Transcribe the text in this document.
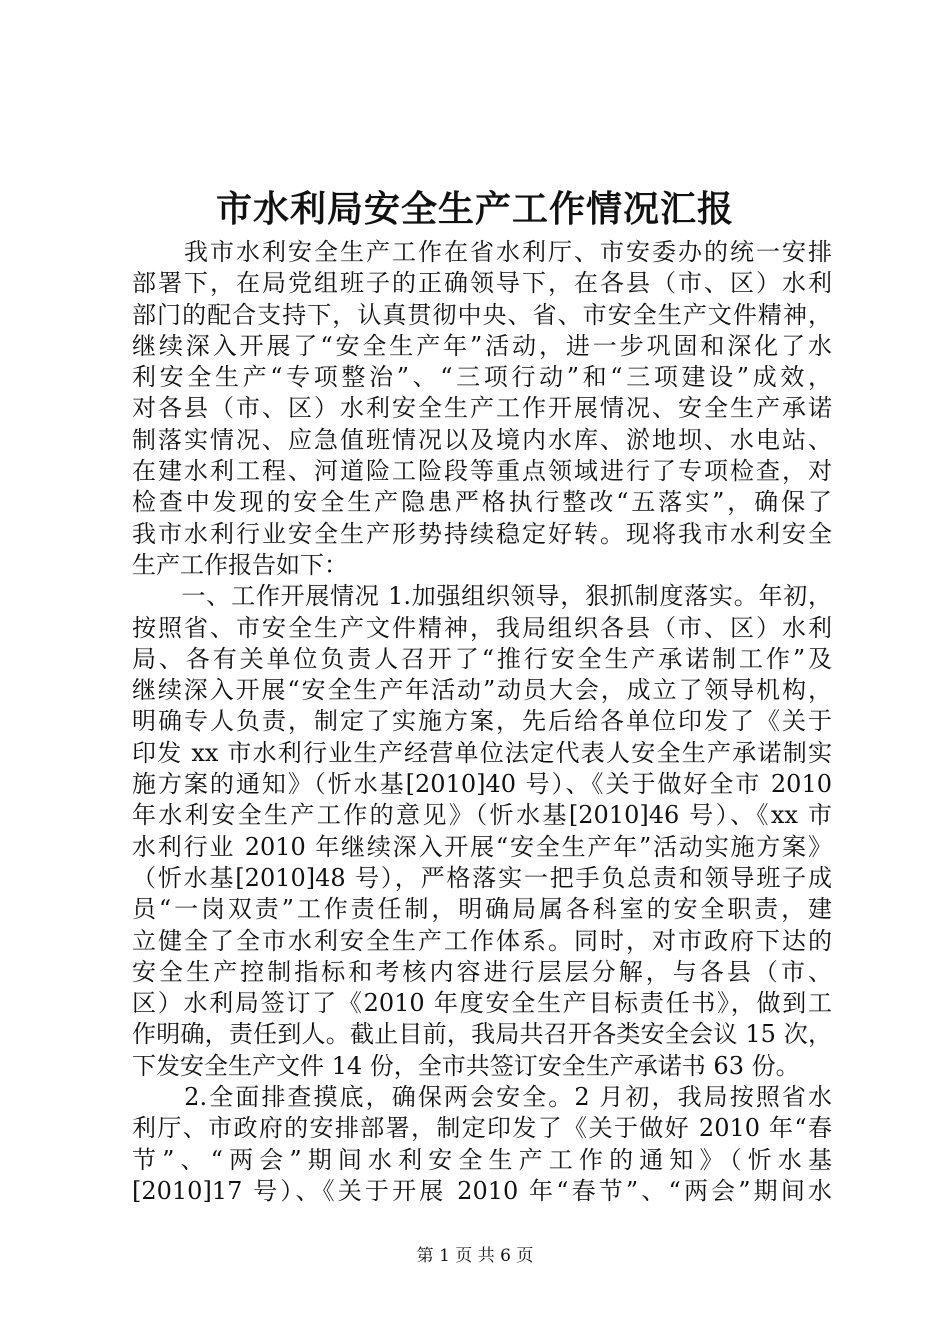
市水利局安全生产工作情况汇报
　　我市水利安全生产工作在省水利厅、市安委办的统一安排
部署下，在局党组班子的正确领导下，在各县（市、区）水利
部门的配合支持下，认真贯彻中央、省、市安全生产文件精神，
继续深入开展了“安全生产年”活动，进一步巩固和深化了水
利安全生产“专项整治”、“三项行动”和“三项建设”成效，
对各县（市、区）水利安全生产工作开展情况、安全生产承诺
制落实情况、应急值班情况以及境内水库、淤地坝、水电站、
在建水利工程、河道险工险段等重点领域进行了专项检查，对
检查中发现的安全生产隐患严格执行整改“五落实”，确保了
我市水利行业安全生产形势持续稳定好转。现将我市水利安全
生产工作报告如下：
　　一、工作开展情况 1.加强组织领导，狠抓制度落实。年初，
按照省、市安全生产文件精神，我局组织各县（市、区）水利
局、各有关单位负责人召开了“推行安全生产承诺制工作”及
继续深入开展“安全生产年活动”动员大会，成立了领导机构，
明确专人负责，制定了实施方案，先后给各单位印发了《关于
印发 xx 市水利行业生产经营单位法定代表人安全生产承诺制实
施方案的通知》（忻水基[2010]40 号）、《关于做好全市 2010
年水利安全生产工作的意见》（忻水基[2010]46 号）、《xx 市
水利行业 2010 年继续深入开展“安全生产年”活动实施方案》
（忻水基[2010]48 号），严格落实一把手负总责和领导班子成
员“一岗双责”工作责任制，明确局属各科室的安全职责，建
立健全了全市水利安全生产工作体系。同时，对市政府下达的
安全生产控制指标和考核内容进行层层分解，与各县（市、
区）水利局签订了《2010 年度安全生产目标责任书》，做到工
作明确，责任到人。截止目前，我局共召开各类安全会议 15 次，
下发安全生产文件 14 份，全市共签订安全生产承诺书 63 份。
　　2.全面排查摸底，确保两会安全。2 月初，我局按照省水
利厅、市政府的安排部署，制定印发了《关于做好 2010 年“春
节”、“两会”期间水利安全生产工作的通知》（忻水基
[2010]17 号）、《关于开展 2010 年“春节”、“两会”期间水
第 1 页 共 6 页
